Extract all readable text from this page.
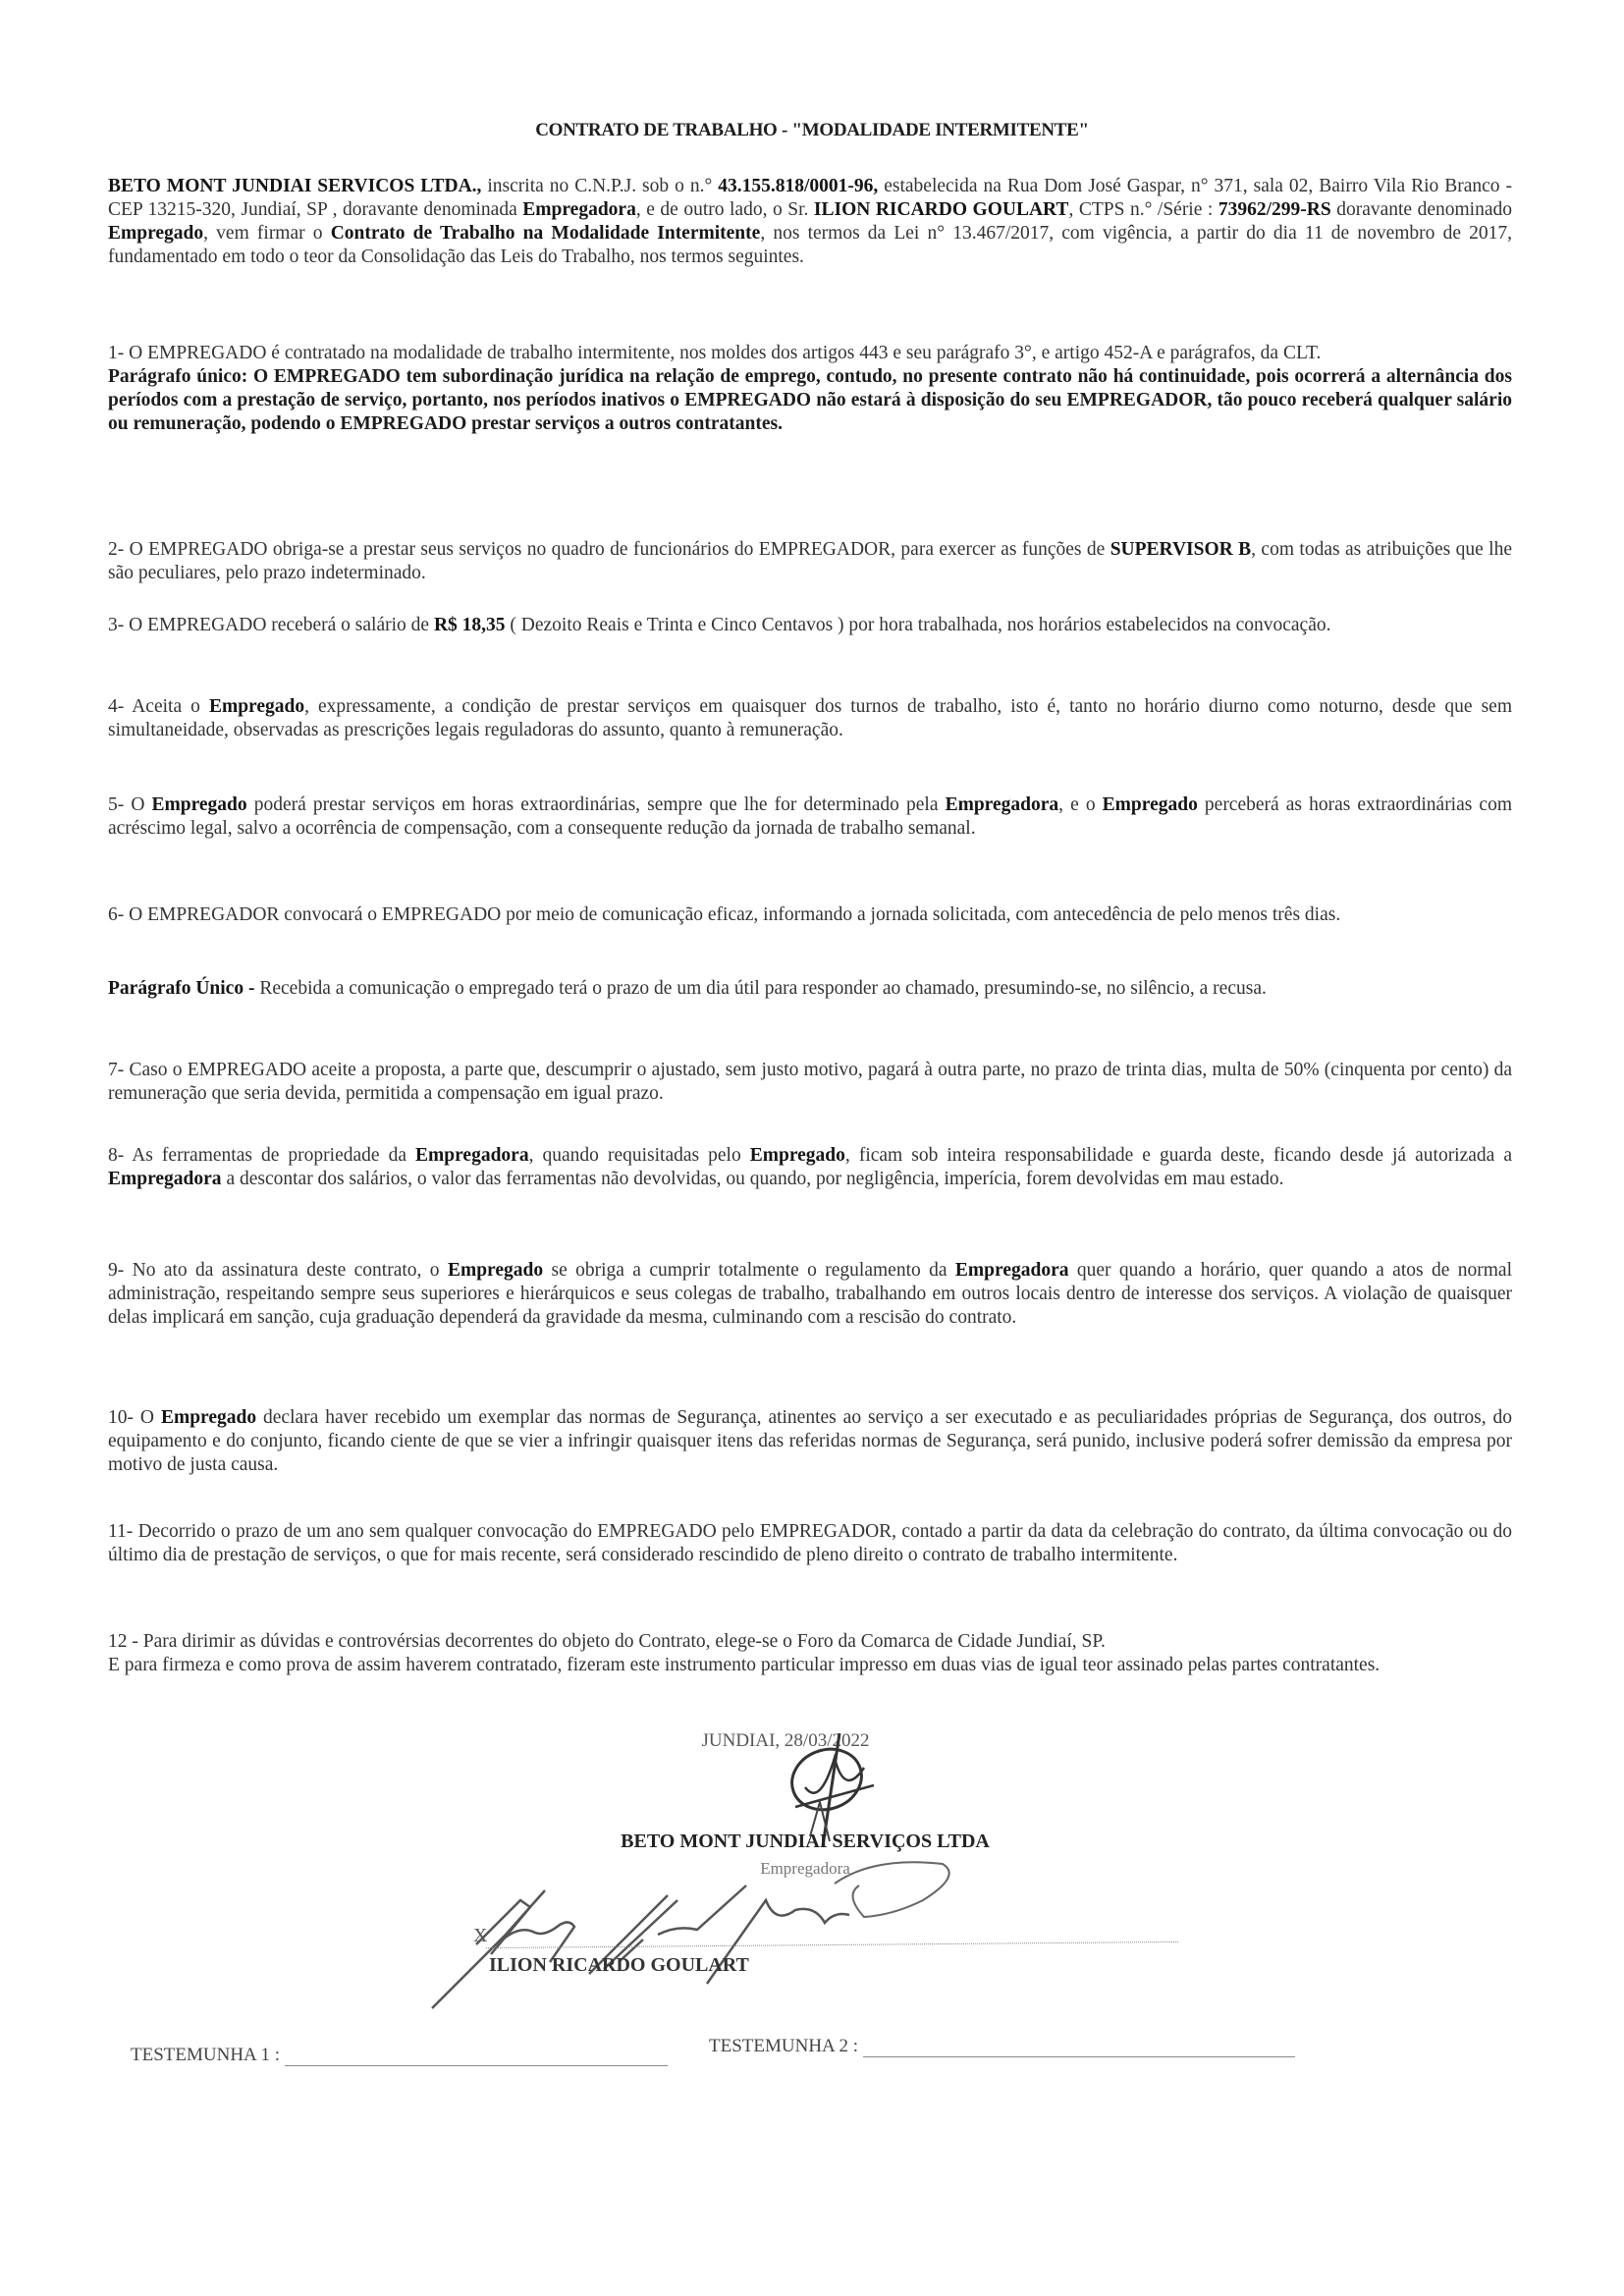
CONTRATO DE TRABALHO - "MODALIDADE INTERMITENTE"
BETO MONT JUNDIAI SERVICOS LTDA., inscrita no C.N.P.J. sob o n.° 43.155.818/0001-96, estabelecida na Rua Dom José Gaspar, n° 371, sala 02, Bairro Vila Rio Branco - CEP 13215-320, Jundiaí, SP , doravante denominada Empregadora, e de outro lado, o Sr. ILION RICARDO GOULART, CTPS n.° /Série : 73962/299-RS doravante denominado Empregado, vem firmar o Contrato de Trabalho na Modalidade Intermitente, nos termos da Lei n° 13.467/2017, com vigência, a partir do dia 11 de novembro de 2017, fundamentado em todo o teor da Consolidação das Leis do Trabalho, nos termos seguintes.
1- O EMPREGADO é contratado na modalidade de trabalho intermitente, nos moldes dos artigos 443 e seu parágrafo 3°, e artigo 452-A e parágrafos, da CLT.
Parágrafo único: O EMPREGADO tem subordinação jurídica na relação de emprego, contudo, no presente contrato não há continuidade, pois ocorrerá a alternância dos períodos com a prestação de serviço, portanto, nos períodos inativos o EMPREGADO não estará à disposição do seu EMPREGADOR, tão pouco receberá qualquer salário ou remuneração, podendo o EMPREGADO prestar serviços a outros contratantes.
2- O EMPREGADO obriga-se a prestar seus serviços no quadro de funcionários do EMPREGADOR, para exercer as funções de SUPERVISOR B, com todas as atribuições que lhe são peculiares, pelo prazo indeterminado.
3- O EMPREGADO receberá o salário de R$ 18,35 ( Dezoito Reais e Trinta e Cinco Centavos ) por hora trabalhada, nos horários estabelecidos na convocação.
4- Aceita o Empregado, expressamente, a condição de prestar serviços em quaisquer dos turnos de trabalho, isto é, tanto no horário diurno como noturno, desde que sem simultaneidade, observadas as prescrições legais reguladoras do assunto, quanto à remuneração.
5- O Empregado poderá prestar serviços em horas extraordinárias, sempre que lhe for determinado pela Empregadora, e o Empregado perceberá as horas extraordinárias com acréscimo legal, salvo a ocorrência de compensação, com a consequente redução da jornada de trabalho semanal.
6- O EMPREGADOR convocará o EMPREGADO por meio de comunicação eficaz, informando a jornada solicitada, com antecedência de pelo menos três dias.
Parágrafo Único - Recebida a comunicação o empregado terá o prazo de um dia útil para responder ao chamado, presumindo-se, no silêncio, a recusa.
7- Caso o EMPREGADO aceite a proposta, a parte que, descumprir o ajustado, sem justo motivo, pagará à outra parte, no prazo de trinta dias, multa de 50% (cinquenta por cento) da remuneração que seria devida, permitida a compensação em igual prazo.
8- As ferramentas de propriedade da Empregadora, quando requisitadas pelo Empregado, ficam sob inteira responsabilidade e guarda deste, ficando desde já autorizada a Empregadora a descontar dos salários, o valor das ferramentas não devolvidas, ou quando, por negligência, imperícia, forem devolvidas em mau estado.
9- No ato da assinatura deste contrato, o Empregado se obriga a cumprir totalmente o regulamento da Empregadora quer quando a horário, quer quando a atos de normal administração, respeitando sempre seus superiores e hierárquicos e seus colegas de trabalho, trabalhando em outros locais dentro de interesse dos serviços. A violação de quaisquer delas implicará em sanção, cuja graduação dependerá da gravidade da mesma, culminando com a rescisão do contrato.
10- O Empregado declara haver recebido um exemplar das normas de Segurança, atinentes ao serviço a ser executado e as peculiaridades próprias de Segurança, dos outros, do equipamento e do conjunto, ficando ciente de que se vier a infringir quaisquer itens das referidas normas de Segurança, será punido, inclusive poderá sofrer demissão da empresa por motivo de justa causa.
11- Decorrido o prazo de um ano sem qualquer convocação do EMPREGADO pelo EMPREGADOR, contado a partir da data da celebração do contrato, da última convocação ou do último dia de prestação de serviços, o que for mais recente, será considerado rescindido de pleno direito o contrato de trabalho intermitente.
12 - Para dirimir as dúvidas e controvérsias decorrentes do objeto do Contrato, elege-se o Foro da Comarca de Cidade Jundiaí, SP.
E para firmeza e como prova de assim haverem contratado, fizeram este instrumento particular impresso em duas vias de igual teor assinado pelas partes contratantes.
JUNDIAI, 28/03/2022
BETO MONT JUNDIAI SERVIÇOS LTDA
Empregadora
X
ILION RICARDO GOULART
TESTEMUNHA 1 :	TESTEMUNHA 2 :
